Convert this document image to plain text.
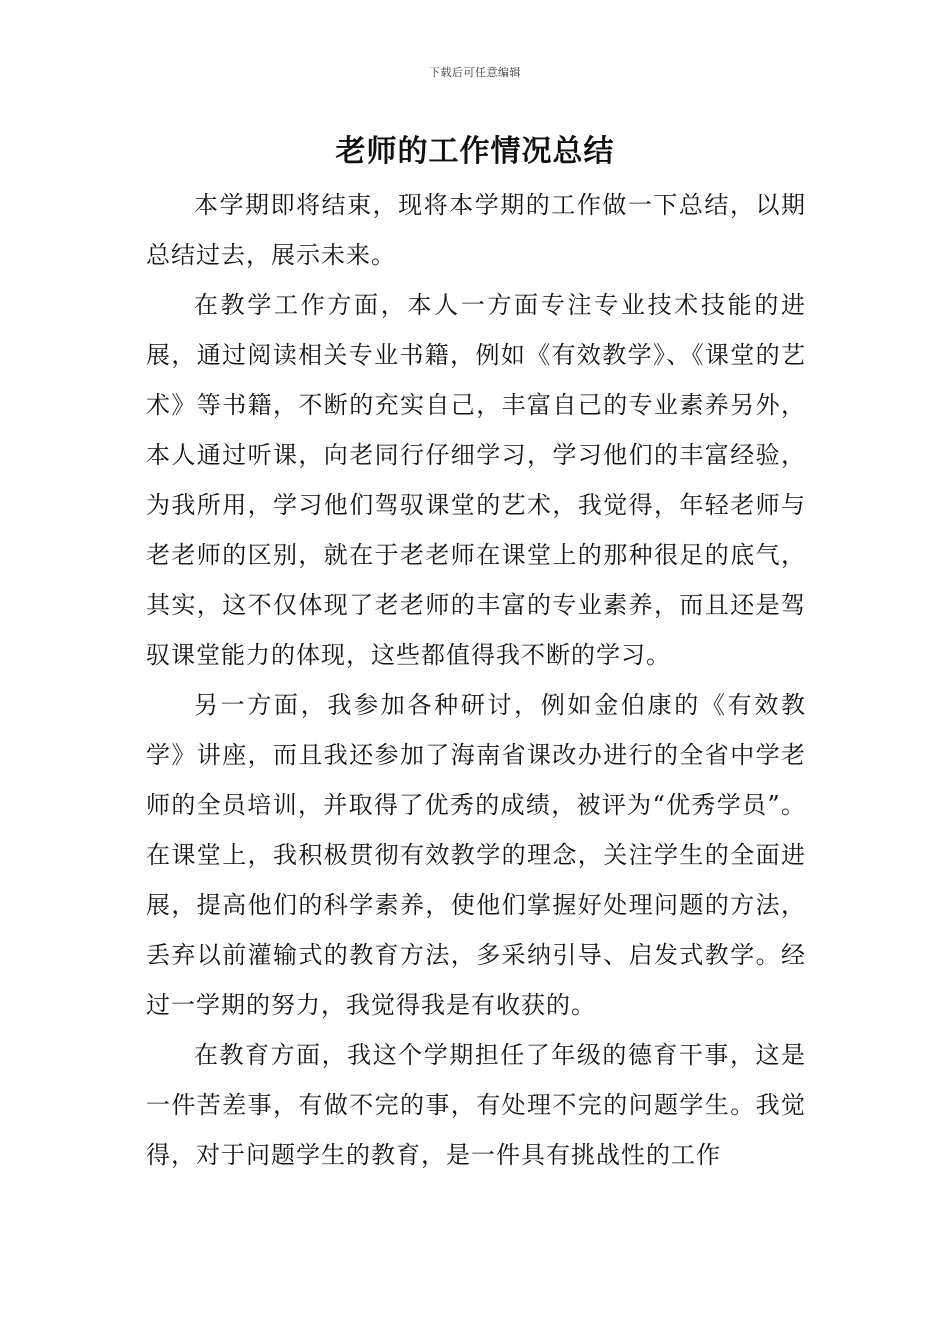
下载后可任意编辑
老师的工作情况总结

本学期即将结束，现将本学期的工作做一下总结，以期总结过去，展示未来。

在教学工作方面，本人一方面专注专业技术技能的进展，通过阅读相关专业书籍，例如《有效教学》、《课堂的艺术》等书籍，不断的充实自己，丰富自己的专业素养另外，本人通过听课，向老同行仔细学习，学习他们的丰富经验，为我所用，学习他们驾驭课堂的艺术，我觉得，年轻老师与老老师的区别，就在于老老师在课堂上的那种很足的底气，其实，这不仅体现了老老师的丰富的专业素养，而且还是驾驭课堂能力的体现，这些都值得我不断的学习。

另一方面，我参加各种研讨，例如金伯康的《有效教学》讲座，而且我还参加了海南省课改办进行的全省中学老师的全员培训，并取得了优秀的成绩，被评为“优秀学员”。在课堂上，我积极贯彻有效教学的理念，关注学生的全面进展，提高他们的科学素养，使他们掌握好处理问题的方法，丢弃以前灌输式的教育方法，多采纳引导、启发式教学。经过一学期的努力，我觉得我是有收获的。

在教育方面，我这个学期担任了年级的德育干事，这是一件苦差事，有做不完的事，有处理不完的问题学生。我觉得，对于问题学生的教育，是一件具有挑战性的工作
